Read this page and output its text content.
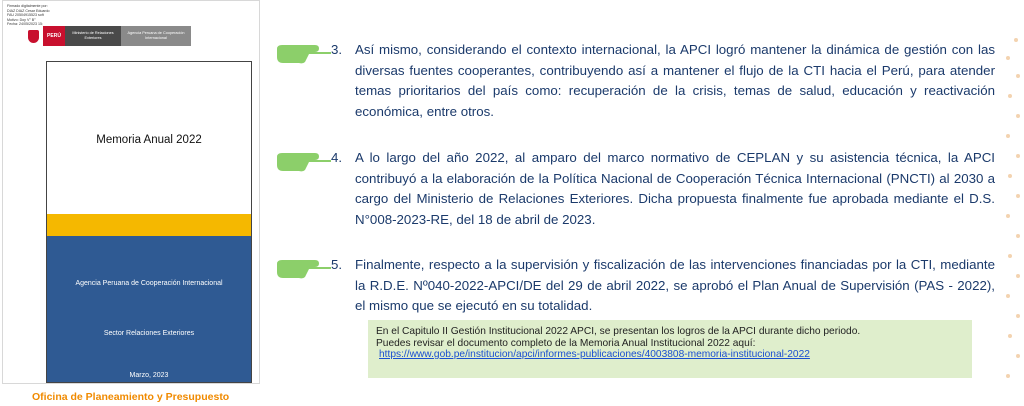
Firmado digitalmente por:
DIAZ DIAZ Cesar Eduardo
FAU 20504915523 soft
Motivo: Doy V° B°
Fecha: 24/05/2023 15:
PERÚ	Ministerio de Relaciones Exteriores
Agencia Peruana de Cooperación Internacional
Memoria Anual 2022
Agencia Peruana de Cooperación Internacional
Sector Relaciones Exteriores
Marzo, 2023
Oficina de Planeamiento y Presupuesto
3. Así mismo, considerando el contexto internacional, la APCI logró mantener la dinámica de gestión con las diversas fuentes cooperantes, contribuyendo así a mantener el flujo de la CTI hacia el Perú, para atender temas prioritarios del país como: recuperación de la crisis, temas de salud, educación y reactivación económica, entre otros.
4. A lo largo del año 2022, al amparo del marco normativo de CEPLAN y su asistencia técnica, la APCI contribuyó a la elaboración de la Política Nacional de Cooperación Técnica Internacional (PNCTI) al 2030 a cargo del Ministerio de Relaciones Exteriores. Dicha propuesta finalmente fue aprobada mediante el D.S. N°008-2023-RE, del 18 de abril de 2023.
5. Finalmente, respecto a la supervisión y fiscalización de las intervenciones financiadas por la CTI, mediante la R.D.E. Nº040-2022-APCI/DE del 29 de abril 2022, se aprobó el Plan Anual de Supervisión (PAS - 2022), el mismo que se ejecutó en su totalidad.
En el Capitulo II Gestión Institucional 2022 APCI, se presentan los logros de la APCI durante dicho periodo.
Puedes revisar el documento completo de la Memoria Anual Institucional 2022 aquí:
https://www.gob.pe/institucion/apci/informes-publicaciones/4003808-memoria-institucional-2022
